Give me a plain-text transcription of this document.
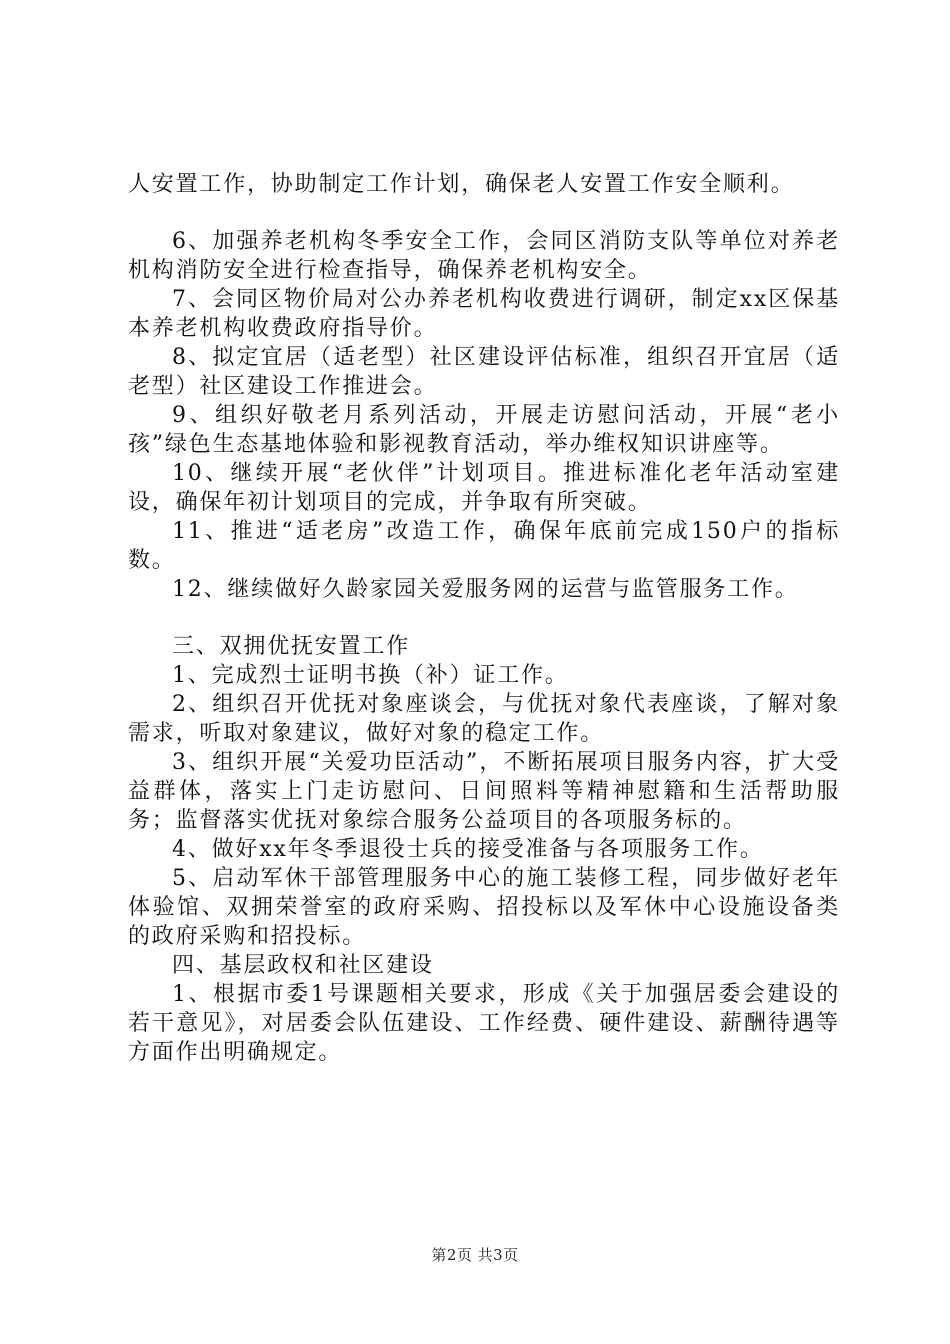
人安置工作，协助制定工作计划，确保老人安置工作安全顺利。

6、加强养老机构冬季安全工作，会同区消防支队等单位对养老机构消防安全进行检查指导，确保养老机构安全。

7、会同区物价局对公办养老机构收费进行调研，制定xx区保基本养老机构收费政府指导价。

8、拟定宜居（适老型）社区建设评估标准，组织召开宜居（适老型）社区建设工作推进会。

9、组织好敬老月系列活动，开展走访慰问活动，开展“老小孩”绿色生态基地体验和影视教育活动，举办维权知识讲座等。

10、继续开展“老伙伴”计划项目。推进标准化老年活动室建设，确保年初计划项目的完成，并争取有所突破。

11、推进“适老房”改造工作，确保年底前完成150户的指标数。

12、继续做好久龄家园关爱服务网的运营与监管服务工作。

三、双拥优抚安置工作

1、完成烈士证明书换（补）证工作。

2、组织召开优抚对象座谈会，与优抚对象代表座谈，了解对象需求，听取对象建议，做好对象的稳定工作。

3、组织开展“关爱功臣活动”，不断拓展项目服务内容，扩大受益群体，落实上门走访慰问、日间照料等精神慰籍和生活帮助服务；监督落实优抚对象综合服务公益项目的各项服务标的。

4、做好xx年冬季退役士兵的接受准备与各项服务工作。

5、启动军休干部管理服务中心的施工装修工程，同步做好老年体验馆、双拥荣誉室的政府采购、招投标以及军休中心设施设备类的政府采购和招投标。

四、基层政权和社区建设

1、根据市委1号课题相关要求，形成《关于加强居委会建设的若干意见》，对居委会队伍建设、工作经费、硬件建设、薪酬待遇等方面作出明确规定。

第2页 共3页
